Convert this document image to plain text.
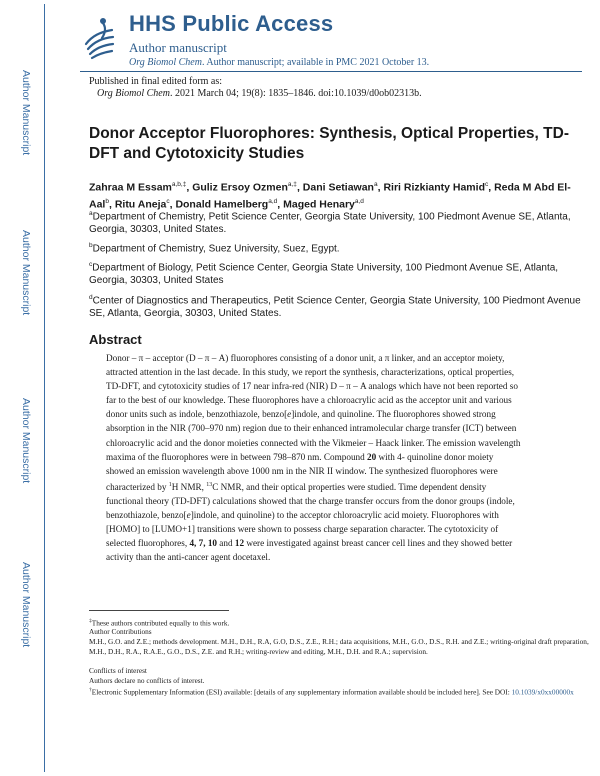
Author Manuscript
Author Manuscript
Author Manuscript
Author Manuscript
HHS Public Access
Author manuscript
Org Biomol Chem. Author manuscript; available in PMC 2021 October 13.
Published in final edited form as:
Org Biomol Chem. 2021 March 04; 19(8): 1835–1846. doi:10.1039/d0ob02313b.
Donor Acceptor Fluorophores: Synthesis, Optical Properties, TD-DFT and Cytotoxicity Studies
Zahraa M Essam$^{a,b,\ddagger}$, Guliz Ersoy Ozmen$^{a,\ddagger}$, Dani Setiawan$^a$, Riri Rizkianty Hamid$^c$, Reda M Abd El-Aal$^b$, Ritu Aneja$^c$, Donald Hamelberg$^{a,d}$, Maged Henary$^{a,d}$
$^a$Department of Chemistry, Petit Science Center, Georgia State University, 100 Piedmont Avenue SE, Atlanta, Georgia, 30303, United States.
$^b$Department of Chemistry, Suez University, Suez, Egypt.
$^c$Department of Biology, Petit Science Center, Georgia State University, 100 Piedmont Avenue SE, Atlanta, Georgia, 30303, United States
$^d$Center of Diagnostics and Therapeutics, Petit Science Center, Georgia State University, 100 Piedmont Avenue SE, Atlanta, Georgia, 30303, United States.
Abstract
Donor – π – acceptor (D – π – A) fluorophores consisting of a donor unit, a π linker, and an acceptor moiety, attracted attention in the last decade. In this study, we report the synthesis, characterizations, optical properties, TD-DFT, and cytotoxicity studies of 17 near infra-red (NIR) D – π – A analogs which have not been reported so far to the best of our knowledge. These fluorophores have a chloroacrylic acid as the acceptor unit and various donor units such as indole, benzothiazole, benzo[e]indole, and quinoline. The fluorophores showed strong absorption in the NIR (700–970 nm) region due to their enhanced intramolecular charge transfer (ICT) between chloroacrylic acid and the donor moieties connected with the Vikmeier – Haack linker. The emission wavelength maxima of the fluorophores were in between 798–870 nm. Compound 20 with 4- quinoline donor moiety showed an emission wavelength above 1000 nm in the NIR II window. The synthesized fluorophores were characterized by $^1$H NMR, $^{13}$C NMR, and their optical properties were studied. Time dependent density functional theory (TD-DFT) calculations showed that the charge transfer occurs from the donor groups (indole, benzothiazole, benzo[e]indole, and quinoline) to the acceptor chloroacrylic acid moiety. Fluorophores with [HOMO] to [LUMO+1] transitions were shown to possess charge separation character. The cytotoxicity of selected fluorophores, 4, 7, 10 and 12 were investigated against breast cancer cell lines and they showed better activity than the anti-cancer agent docetaxel.
‡These authors contributed equally to this work.
Author Contributions
M.H., G.O. and Z.E.; methods development. M.H., D.H., R.A, G.O, D.S., Z.E., R.H.; data acquisitions, M.H., G.O., D.S., R.H. and Z.E.; writing-original draft preparation, M.H., D.H., R.A., R.A.E., G.O., D.S., Z.E. and R.H.; writing-review and editing, M.H., D.H. and R.A.; supervision.
Conflicts of interest
Authors declare no conflicts of interest.
†Electronic Supplementary Information (ESI) available: [details of any supplementary information available should be included here]. See DOI: 10.1039/x0xx00000x
